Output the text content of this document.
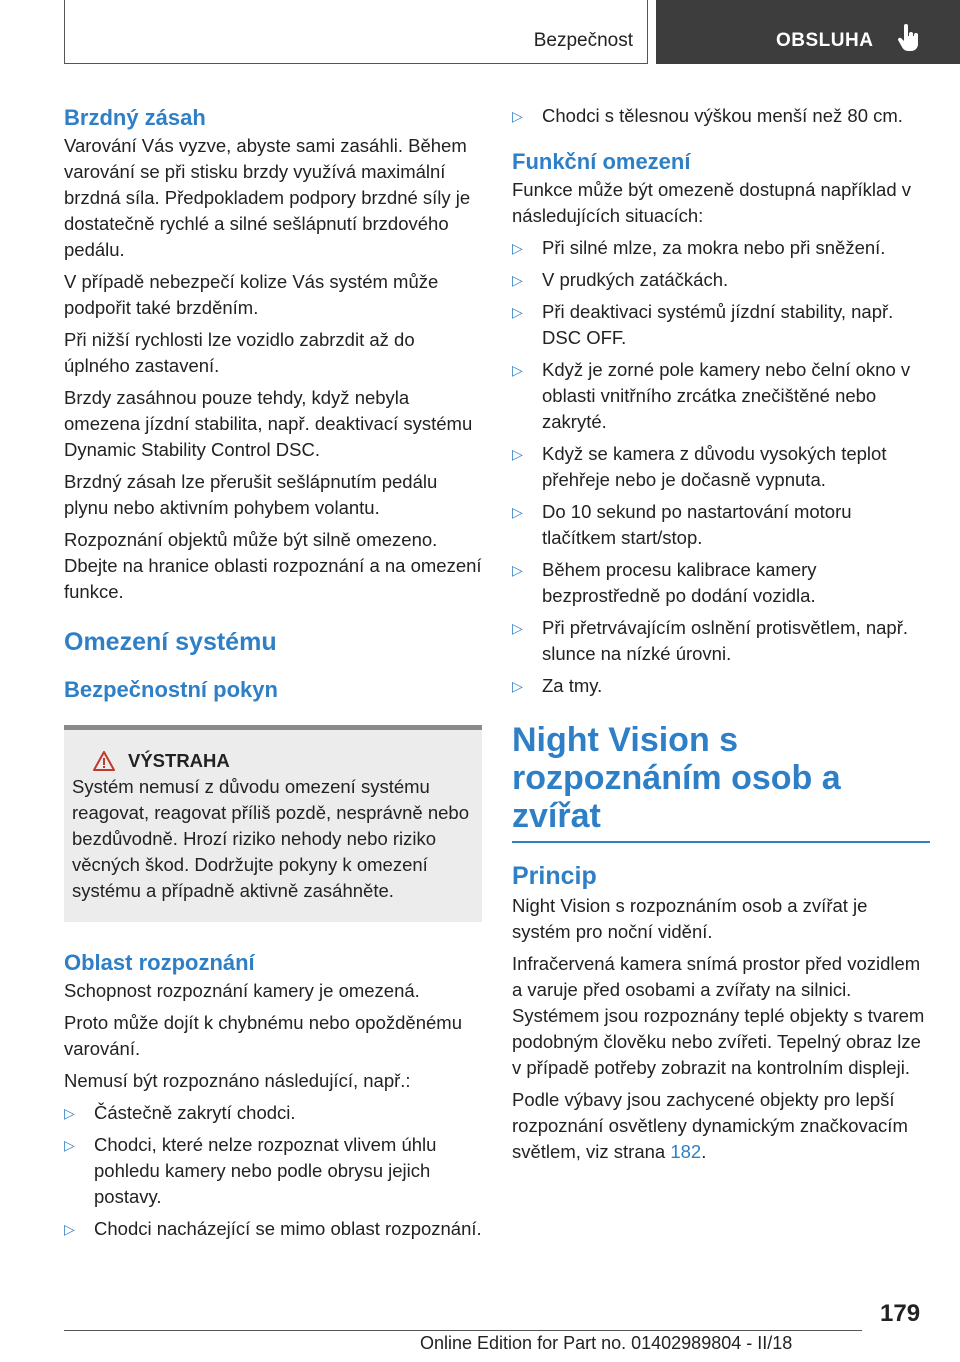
Bezpečnost	OBSLUHA
Brzdný zásah

Varování Vás vyzve, abyste sami zasáhli. Během varování se při stisku brzdy využívá maximální brzdná síla. Předpokladem podpory brzdné síly je dostatečně rychlé a silné sešlápnutí brzdového pedálu.

V případě nebezpečí kolize Vás systém může podpořit také brzděním.

Při nižší rychlosti lze vozidlo zabrzdit až do úplného zastavení.

Brzdy zasáhnou pouze tehdy, když nebyla omezena jízdní stabilita, např. deaktivací systému Dynamic Stability Control DSC.

Brzdný zásah lze přerušit sešlápnutím pedálu plynu nebo aktivním pohybem volantu.

Rozpoznání objektů může být silně omezeno. Dbejte na hranice oblasti rozpoznání a na omezení funkce.

Omezení systému
Bezpečnostní pokyn
VÝSTRAHA

Systém nemusí z důvodu omezení systému reagovat, reagovat příliš pozdě, nesprávně nebo bezdůvodně. Hrozí riziko nehody nebo riziko věcných škod. Dodržujte pokyny k omezení systému a případně aktivně zasáhněte.

Oblast rozpoznání

Schopnost rozpoznání kamery je omezená.

Proto může dojít k chybnému nebo opožděnému varování.

Nemusí být rozpoznáno následující, např.:

▷ Částečně zakrytí chodci.
▷ Chodci, které nelze rozpoznat vlivem úhlu pohledu kamery nebo podle obrysu jejich postavy.
▷ Chodci nacházející se mimo oblast rozpoznání.
▷ Chodci s tělesnou výškou menší než 80 cm.
Funkční omezení

Funkce může být omezeně dostupná například v následujících situacích:

▷ Při silné mlze, za mokra nebo při sněžení.
▷ V prudkých zatáčkách.
▷ Při deaktivaci systémů jízdní stability, např. DSC OFF.
▷ Když je zorné pole kamery nebo čelní okno v oblasti vnitřního zrcátka znečištěné nebo zakryté.
▷ Když se kamera z důvodu vysokých teplot přehřeje nebo je dočasně vypnuta.
▷ Do 10 sekund po nastartování motoru tlačítkem start/stop.
▷ Během procesu kalibrace kamery bezprostředně po dodání vozidla.
▷ Při přetrvávajícím oslnění protisvětlem, např. slunce na nízké úrovni.
▷ Za tmy.
Night Vision s rozpoznáním osob a zvířat
Princip

Night Vision s rozpoznáním osob a zvířat je systém pro noční vidění.

Infračervená kamera snímá prostor před vozidlem a varuje před osobami a zvířaty na silnici. Systémem jsou rozpoznány teplé objekty s tvarem podobným člověku nebo zvířeti. Tepelný obraz lze v případě potřeby zobrazit na kontrolním displeji.

Podle výbavy jsou zachycené objekty pro lepší rozpoznání osvětleny dynamickým značkovacím světlem, viz strana 182.

179
Online Edition for Part no. 01402989804 - II/18
